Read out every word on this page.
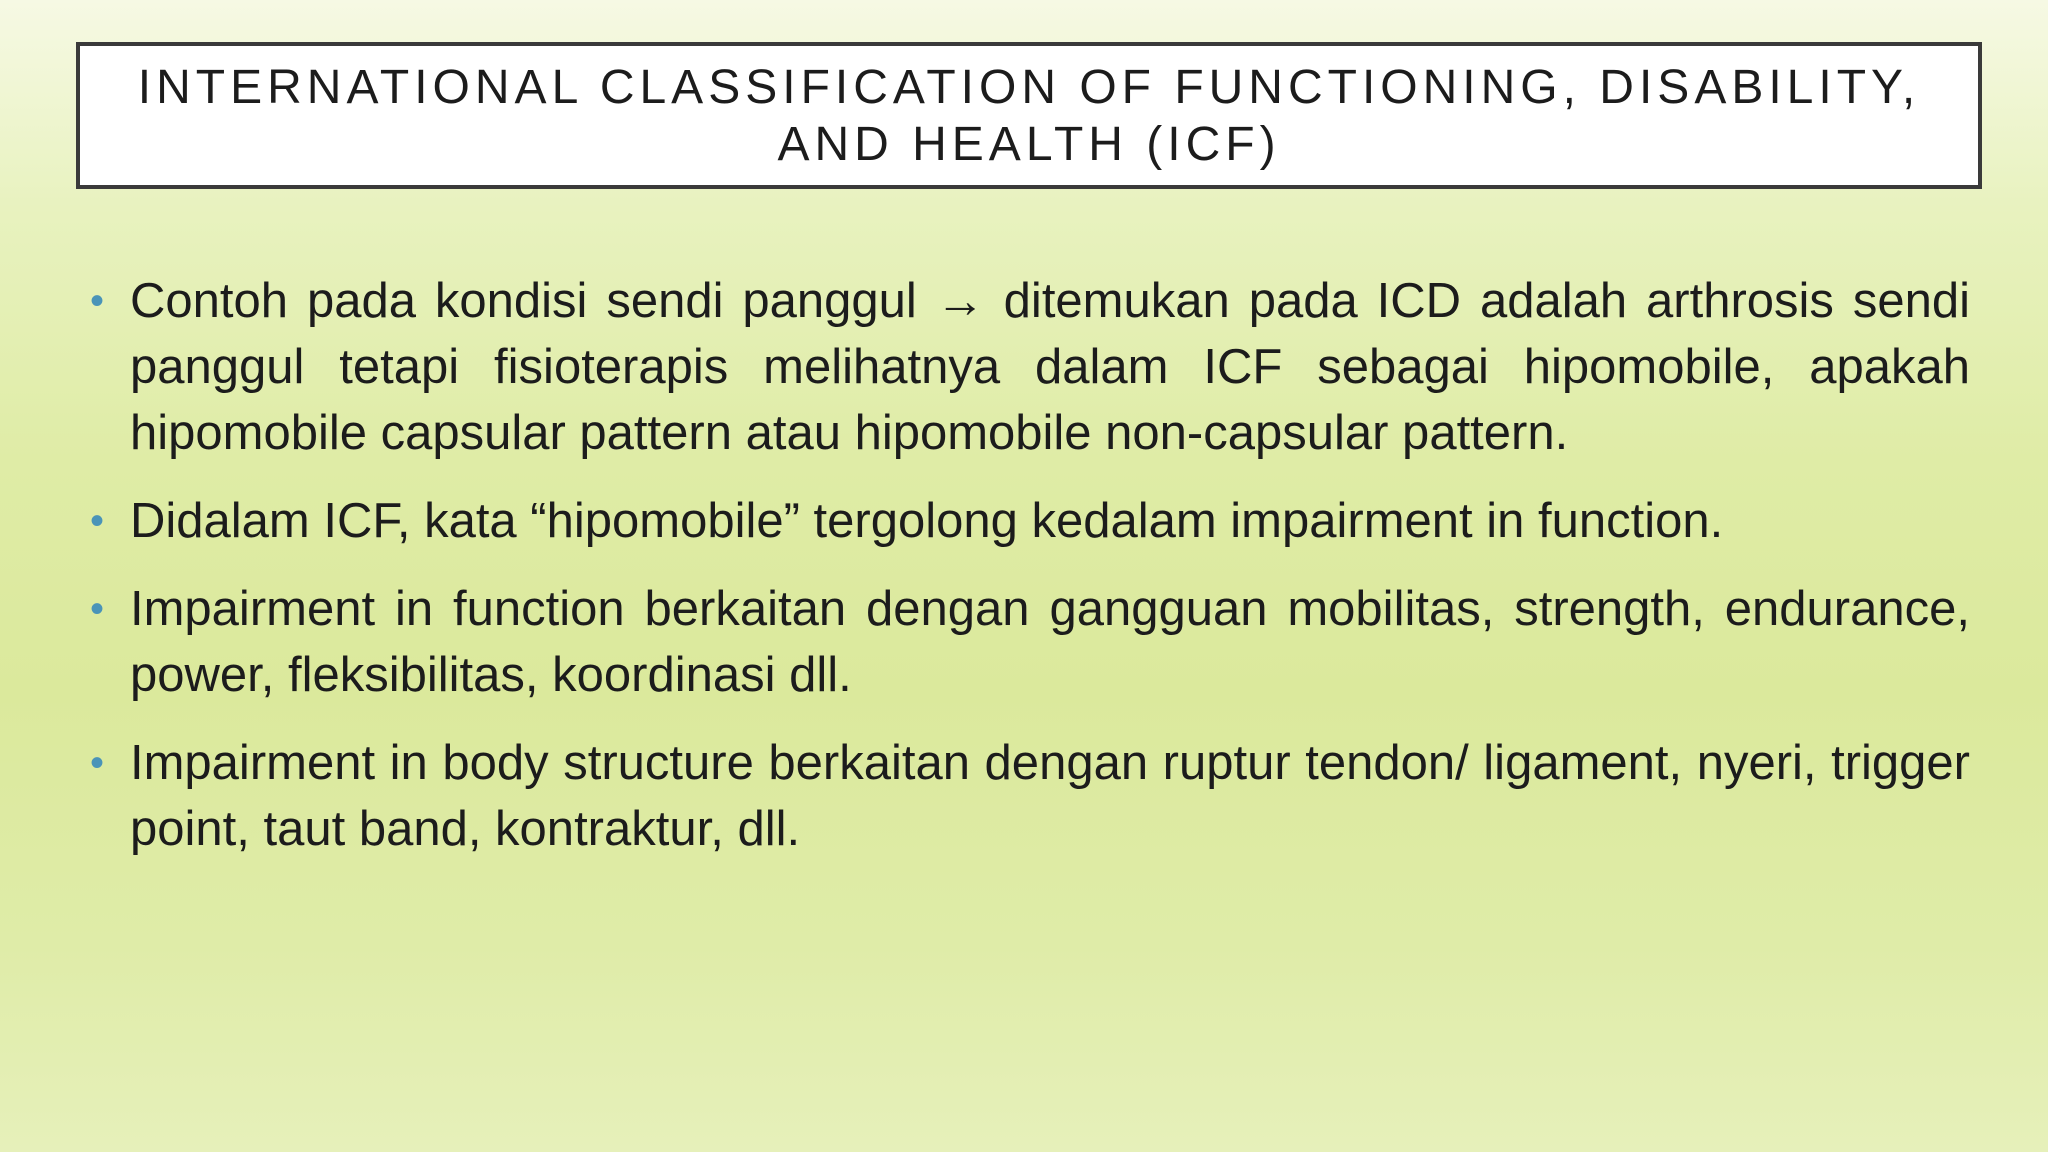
INTERNATIONAL CLASSIFICATION OF FUNCTIONING, DISABILITY,
AND HEALTH (ICF)
• Contoh pada kondisi sendi panggul → ditemukan pada ICD adalah arthrosis sendi panggul tetapi fisioterapis melihatnya dalam ICF sebagai hipomobile, apakah hipomobile capsular pattern atau hipomobile non-capsular pattern.
• Didalam ICF, kata “hipomobile” tergolong kedalam impairment in function.
• Impairment in function berkaitan dengan gangguan mobilitas, strength, endurance, power, fleksibilitas, koordinasi dll.
• Impairment in body structure berkaitan dengan ruptur tendon/ ligament, nyeri, trigger point, taut band, kontraktur, dll.
